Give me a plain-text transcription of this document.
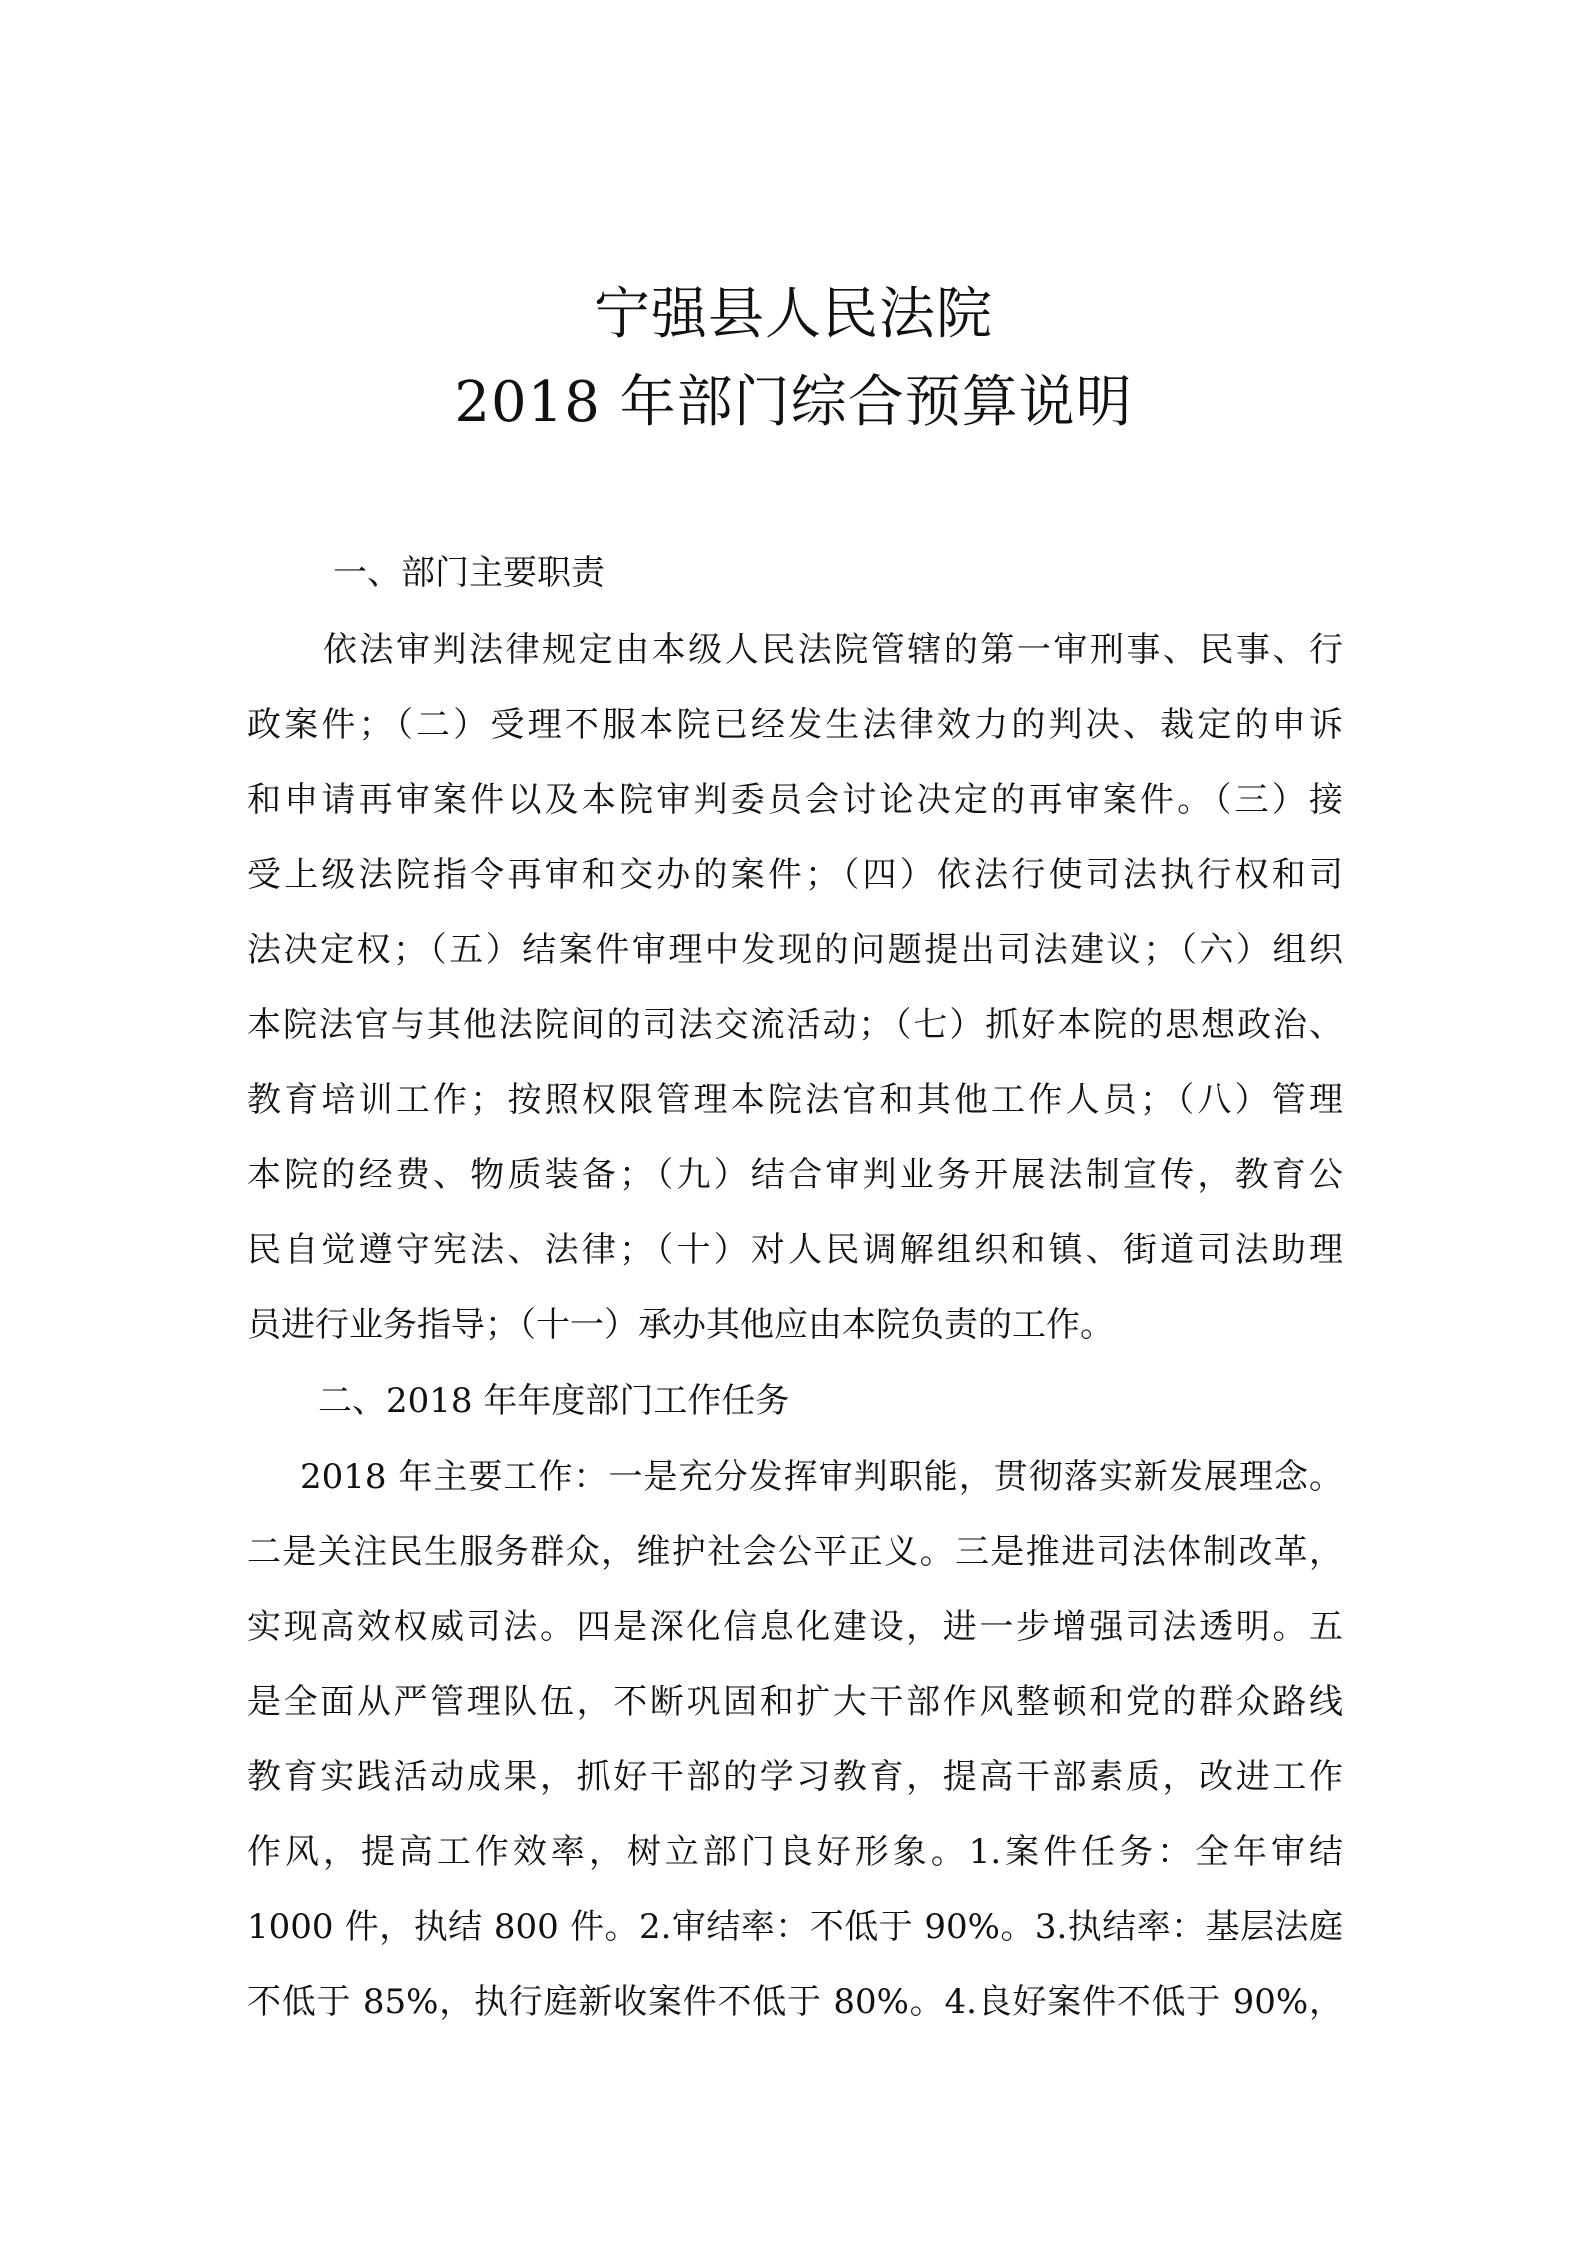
宁强县人民法院
2018 年部门综合预算说明
一、部门主要职责
依法审判法律规定由本级人民法院管辖的第一审刑事、民事、行
政案件；（二）受理不服本院已经发生法律效力的判决、裁定的申诉
和申请再审案件以及本院审判委员会讨论决定的再审案件。（三）接
受上级法院指令再审和交办的案件；（四）依法行使司法执行权和司
法决定权；（五）结案件审理中发现的问题提出司法建议；（六）组织
本院法官与其他法院间的司法交流活动；（七）抓好本院的思想政治、
教育培训工作；按照权限管理本院法官和其他工作人员；（八）管理
本院的经费、物质装备；（九）结合审判业务开展法制宣传，教育公
民自觉遵守宪法、法律；（十）对人民调解组织和镇、街道司法助理
员进行业务指导；（十一）承办其他应由本院负责的工作。
二、2018 年年度部门工作任务
2018 年主要工作：一是充分发挥审判职能，贯彻落实新发展理念。
二是关注民生服务群众，维护社会公平正义。三是推进司法体制改革，
实现高效权威司法。四是深化信息化建设，进一步增强司法透明。五
是全面从严管理队伍，不断巩固和扩大干部作风整顿和党的群众路线
教育实践活动成果，抓好干部的学习教育，提高干部素质，改进工作
作风，提高工作效率，树立部门良好形象。1.案件任务：全年审结
1000 件，执结 800 件。2.审结率：不低于 90%。3.执结率：基层法庭
不低于 85%，执行庭新收案件不低于 80%。4.良好案件不低于 90%，
